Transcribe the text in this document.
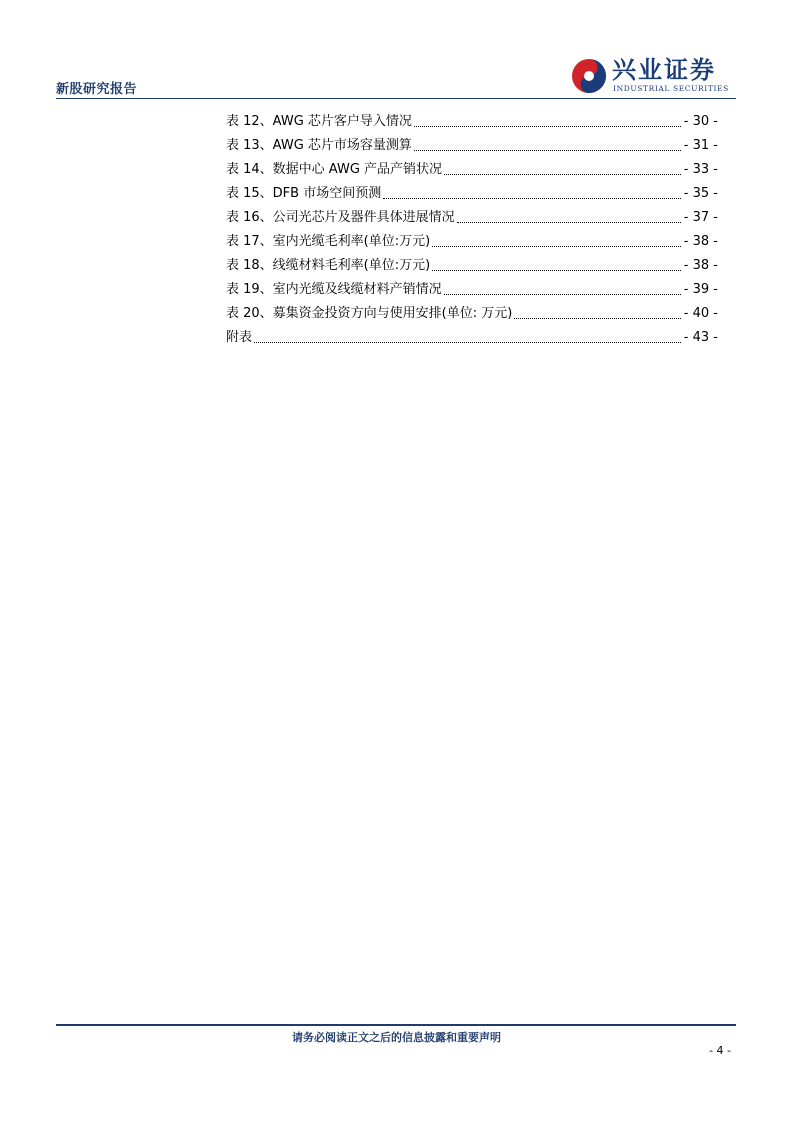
新股研究报告
兴业证券
INDUSTRIAL SECURITIES
表 12、AWG 芯片客户导入情况	- 30 -
表 13、AWG 芯片市场容量测算	- 31 -
表 14、数据中心 AWG 产品产销状况	- 33 -
表 15、DFB 市场空间预测	- 35 -
表 16、公司光芯片及器件具体进展情况	- 37 -
表 17、室内光缆毛利率(单位:万元)	- 38 -
表 18、线缆材料毛利率(单位:万元)	- 38 -
表 19、室内光缆及线缆材料产销情况	- 39 -
表 20、募集资金投资方向与使用安排(单位: 万元)	- 40 -
附表	- 43 -
请务必阅读正文之后的信息披露和重要声明
- 4 -
